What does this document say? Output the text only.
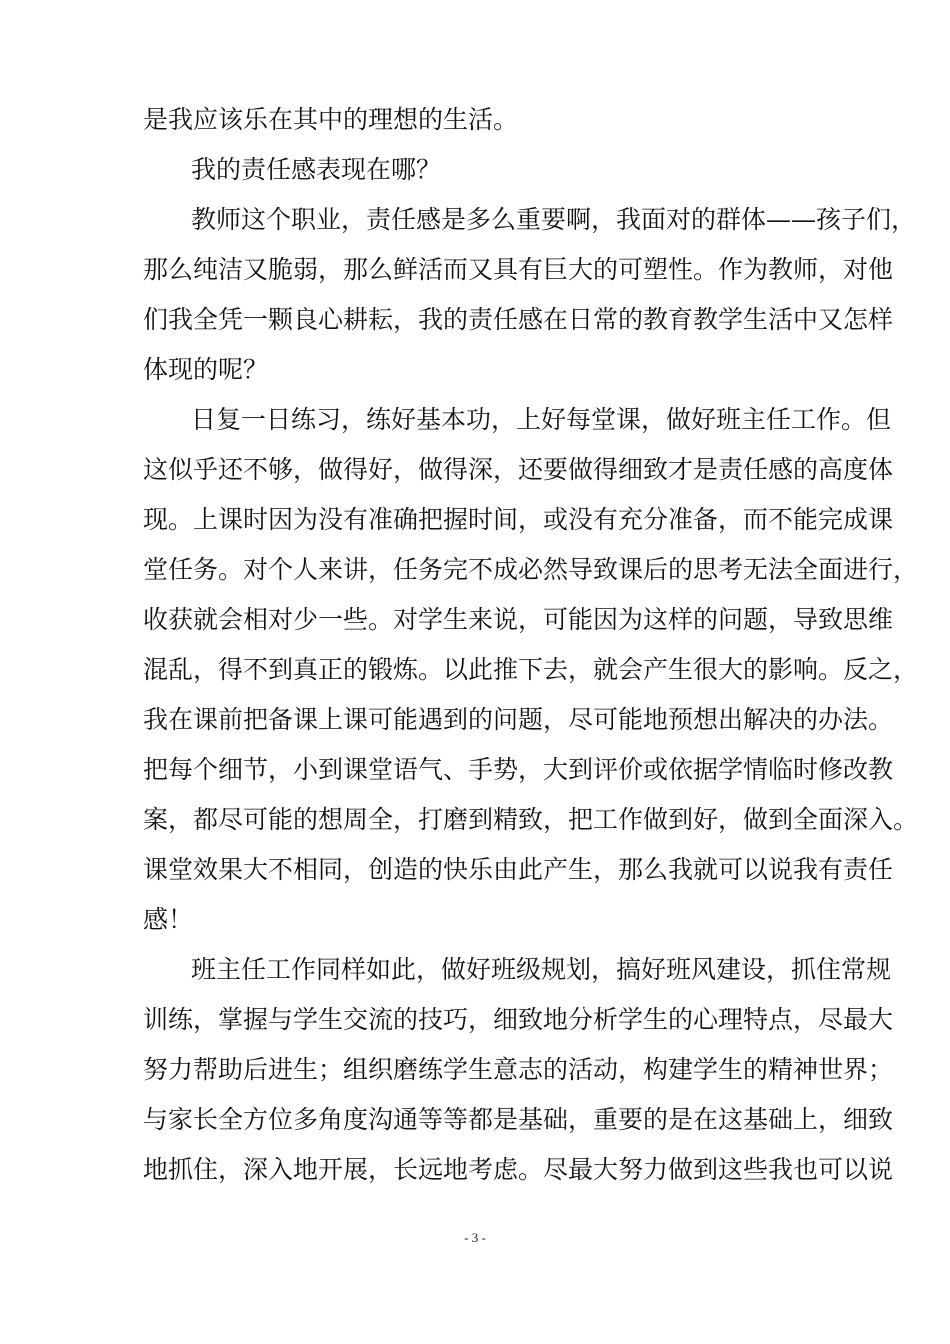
是我应该乐在其中的理想的生活。
我的责任感表现在哪？
教师这个职业，责任感是多么重要啊，我面对的群体——孩子们，
那么纯洁又脆弱，那么鲜活而又具有巨大的可塑性。作为教师，对他
们我全凭一颗良心耕耘，我的责任感在日常的教育教学生活中又怎样
体现的呢？
日复一日练习，练好基本功，上好每堂课，做好班主任工作。但
这似乎还不够，做得好，做得深，还要做得细致才是责任感的高度体
现。上课时因为没有准确把握时间，或没有充分准备，而不能完成课
堂任务。对个人来讲，任务完不成必然导致课后的思考无法全面进行，
收获就会相对少一些。对学生来说，可能因为这样的问题，导致思维
混乱，得不到真正的锻炼。以此推下去，就会产生很大的影响。反之，
我在课前把备课上课可能遇到的问题，尽可能地预想出解决的办法。
把每个细节，小到课堂语气、手势，大到评价或依据学情临时修改教
案，都尽可能的想周全，打磨到精致，把工作做到好，做到全面深入。
课堂效果大不相同，创造的快乐由此产生，那么我就可以说我有责任
感！
班主任工作同样如此，做好班级规划，搞好班风建设，抓住常规
训练，掌握与学生交流的技巧，细致地分析学生的心理特点，尽最大
努力帮助后进生；组织磨练学生意志的活动，构建学生的精神世界；
与家长全方位多角度沟通等等都是基础，重要的是在这基础上，细致
地抓住，深入地开展，长远地考虑。尽最大努力做到这些我也可以说
- 3 -
